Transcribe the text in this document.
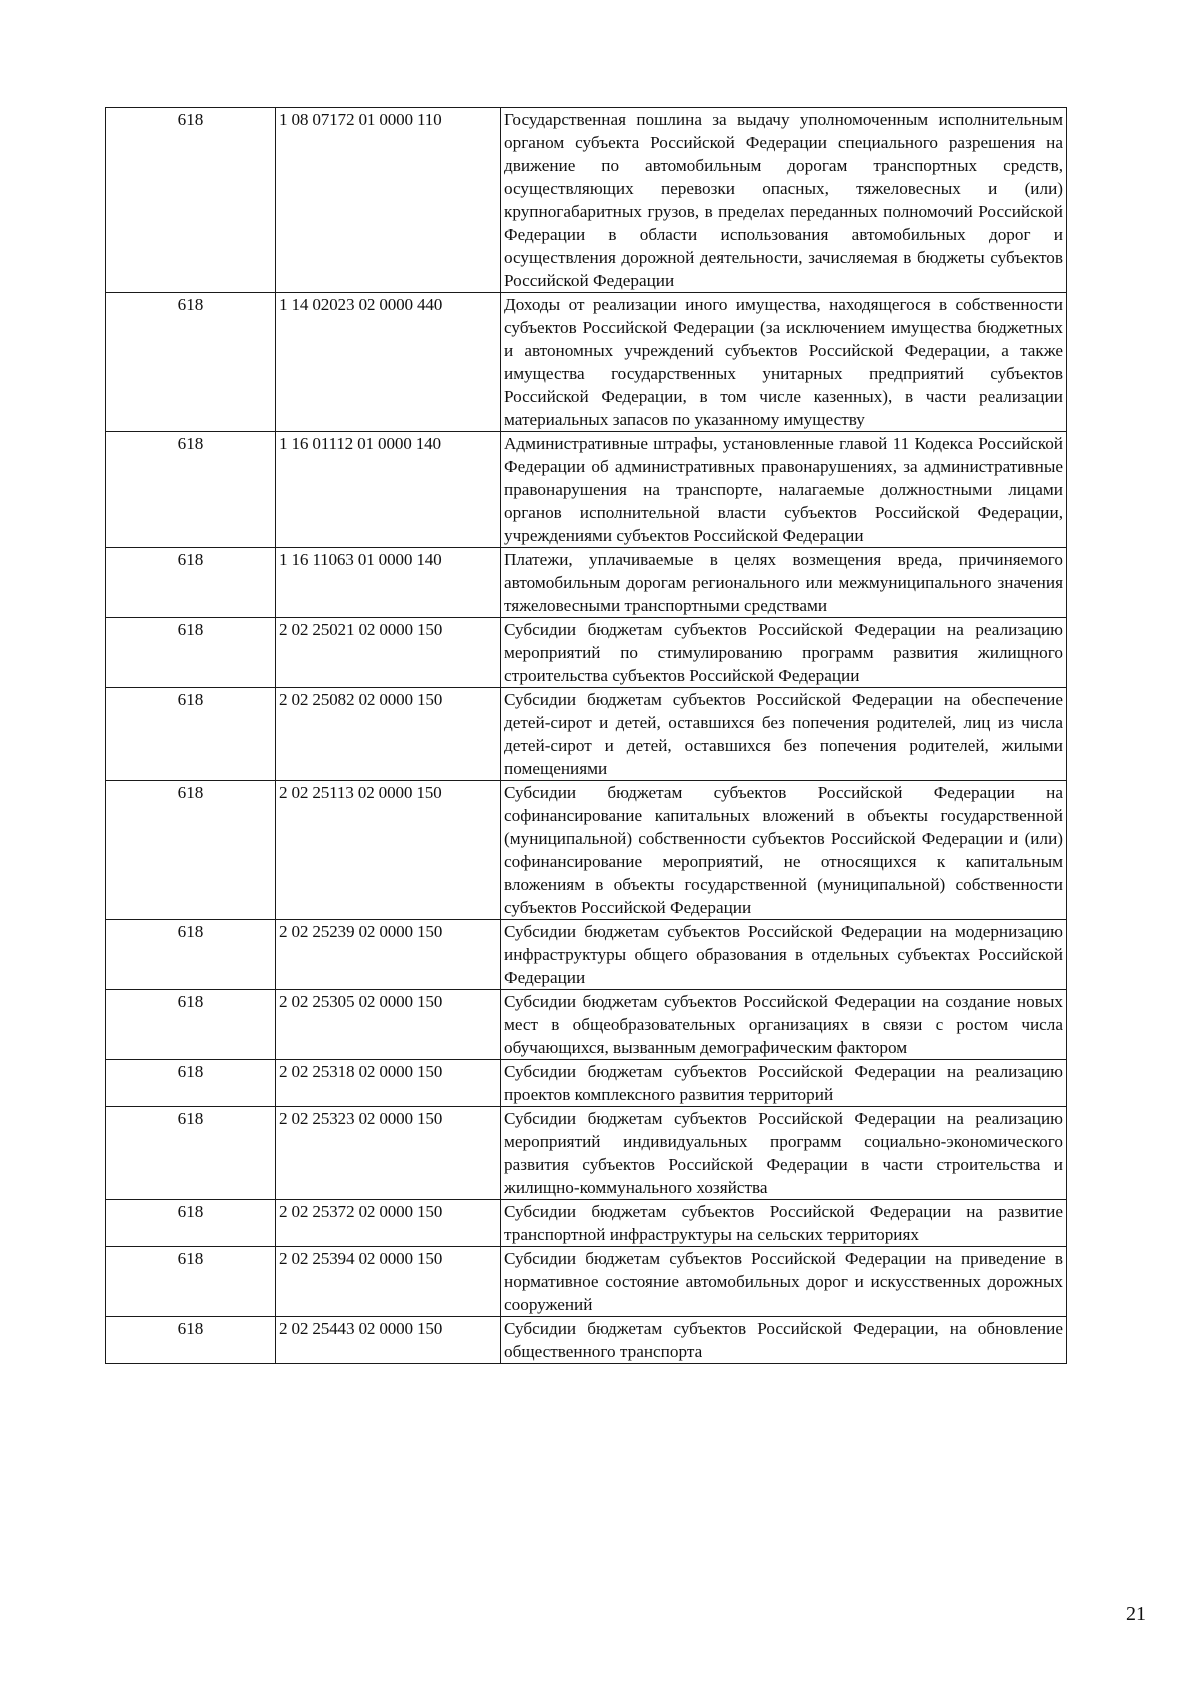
618	1 08 07172 01 0000 110	Государственная пошлина за выдачу уполномоченным исполнительным органом субъекта Российской Федерации специального разрешения на движение по автомобильным дорогам транспортных средств, осуществляющих перевозки опасных, тяжеловесных и (или) крупногабаритных грузов, в пределах переданных полномочий Российской Федерации в области использования автомобильных дорог и осуществления дорожной деятельности, зачисляемая в бюджеты субъектов Российской Федерации
618	1 14 02023 02 0000 440	Доходы от реализации иного имущества, находящегося в собственности субъектов Российской Федерации (за исключением имущества бюджетных и автономных учреждений субъектов Российской Федерации, а также имущества государственных унитарных предприятий субъектов Российской Федерации, в том числе казенных), в части реализации материальных запасов по указанному имуществу
618	1 16 01112 01 0000 140	Административные штрафы, установленные главой 11 Кодекса Российской Федерации об административных правонарушениях, за административные правонарушения на транспорте, налагаемые должностными лицами органов исполнительной власти субъектов Российской Федерации, учреждениями субъектов Российской Федерации
618	1 16 11063 01 0000 140	Платежи, уплачиваемые в целях возмещения вреда, причиняемого автомобильным дорогам регионального или межмуниципального значения тяжеловесными транспортными средствами
618	2 02 25021 02 0000 150	Субсидии бюджетам субъектов Российской Федерации на реализацию мероприятий по стимулированию программ развития жилищного строительства субъектов Российской Федерации
618	2 02 25082 02 0000 150	Субсидии бюджетам субъектов Российской Федерации на обеспечение детей-сирот и детей, оставшихся без попечения родителей, лиц из числа детей-сирот и детей, оставшихся без попечения родителей, жилыми помещениями
618	2 02 25113 02 0000 150	Субсидии бюджетам субъектов Российской Федерации на софинансирование капитальных вложений в объекты государственной (муниципальной) собственности субъектов Российской Федерации и (или) софинансирование мероприятий, не относящихся к капитальным вложениям в объекты государственной (муниципальной) собственности субъектов Российской Федерации
618	2 02 25239 02 0000 150	Субсидии бюджетам субъектов Российской Федерации на модернизацию инфраструктуры общего образования в отдельных субъектах Российской Федерации
618	2 02 25305 02 0000 150	Субсидии бюджетам субъектов Российской Федерации на создание новых мест в общеобразовательных организациях в связи с ростом числа обучающихся, вызванным демографическим фактором
618	2 02 25318 02 0000 150	Субсидии бюджетам субъектов Российской Федерации на реализацию проектов комплексного развития территорий
618	2 02 25323 02 0000 150	Субсидии бюджетам субъектов Российской Федерации на реализацию мероприятий индивидуальных программ социально-экономического развития субъектов Российской Федерации в части строительства и жилищно-коммунального хозяйства
618	2 02 25372 02 0000 150	Субсидии бюджетам субъектов Российской Федерации на развитие транспортной инфраструктуры на сельских территориях
618	2 02 25394 02 0000 150	Субсидии бюджетам субъектов Российской Федерации на приведение в нормативное состояние автомобильных дорог и искусственных дорожных сооружений
618	2 02 25443 02 0000 150	Субсидии бюджетам субъектов Российской Федерации, на обновление общественного транспорта
21
